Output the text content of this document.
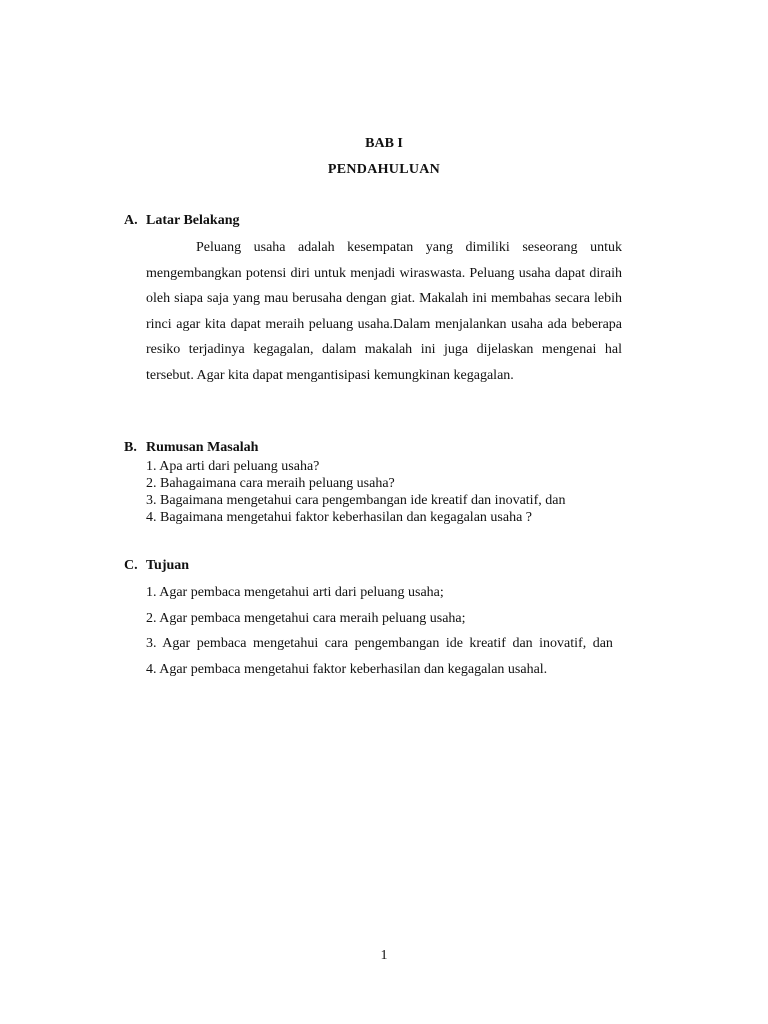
BAB I
PENDAHULUAN
A. Latar Belakang

Peluang usaha adalah kesempatan yang dimiliki seseorang untuk mengembangkan potensi diri untuk menjadi wiraswasta. Peluang usaha dapat diraih oleh siapa saja yang mau berusaha dengan giat. Makalah ini membahas secara lebih rinci agar kita dapat meraih peluang usaha.Dalam menjalankan usaha ada beberapa resiko terjadinya kegagalan, dalam makalah ini juga dijelaskan mengenai hal tersebut. Agar kita dapat mengantisipasi kemungkinan kegagalan.

B. Rumusan Masalah
1. Apa arti dari peluang usaha?
2. Bahagaimana cara meraih peluang usaha?
3. Bagaimana mengetahui cara pengembangan ide kreatif dan inovatif, dan
4. Bagaimana mengetahui faktor keberhasilan dan kegagalan usaha ?
C. Tujuan
1. Agar pembaca mengetahui arti dari peluang usaha;
2. Agar pembaca mengetahui cara meraih peluang usaha;
3. Agar pembaca mengetahui cara pengembangan ide kreatif dan inovatif, dan
4. Agar pembaca mengetahui faktor keberhasilan dan kegagalan usahal.
1
